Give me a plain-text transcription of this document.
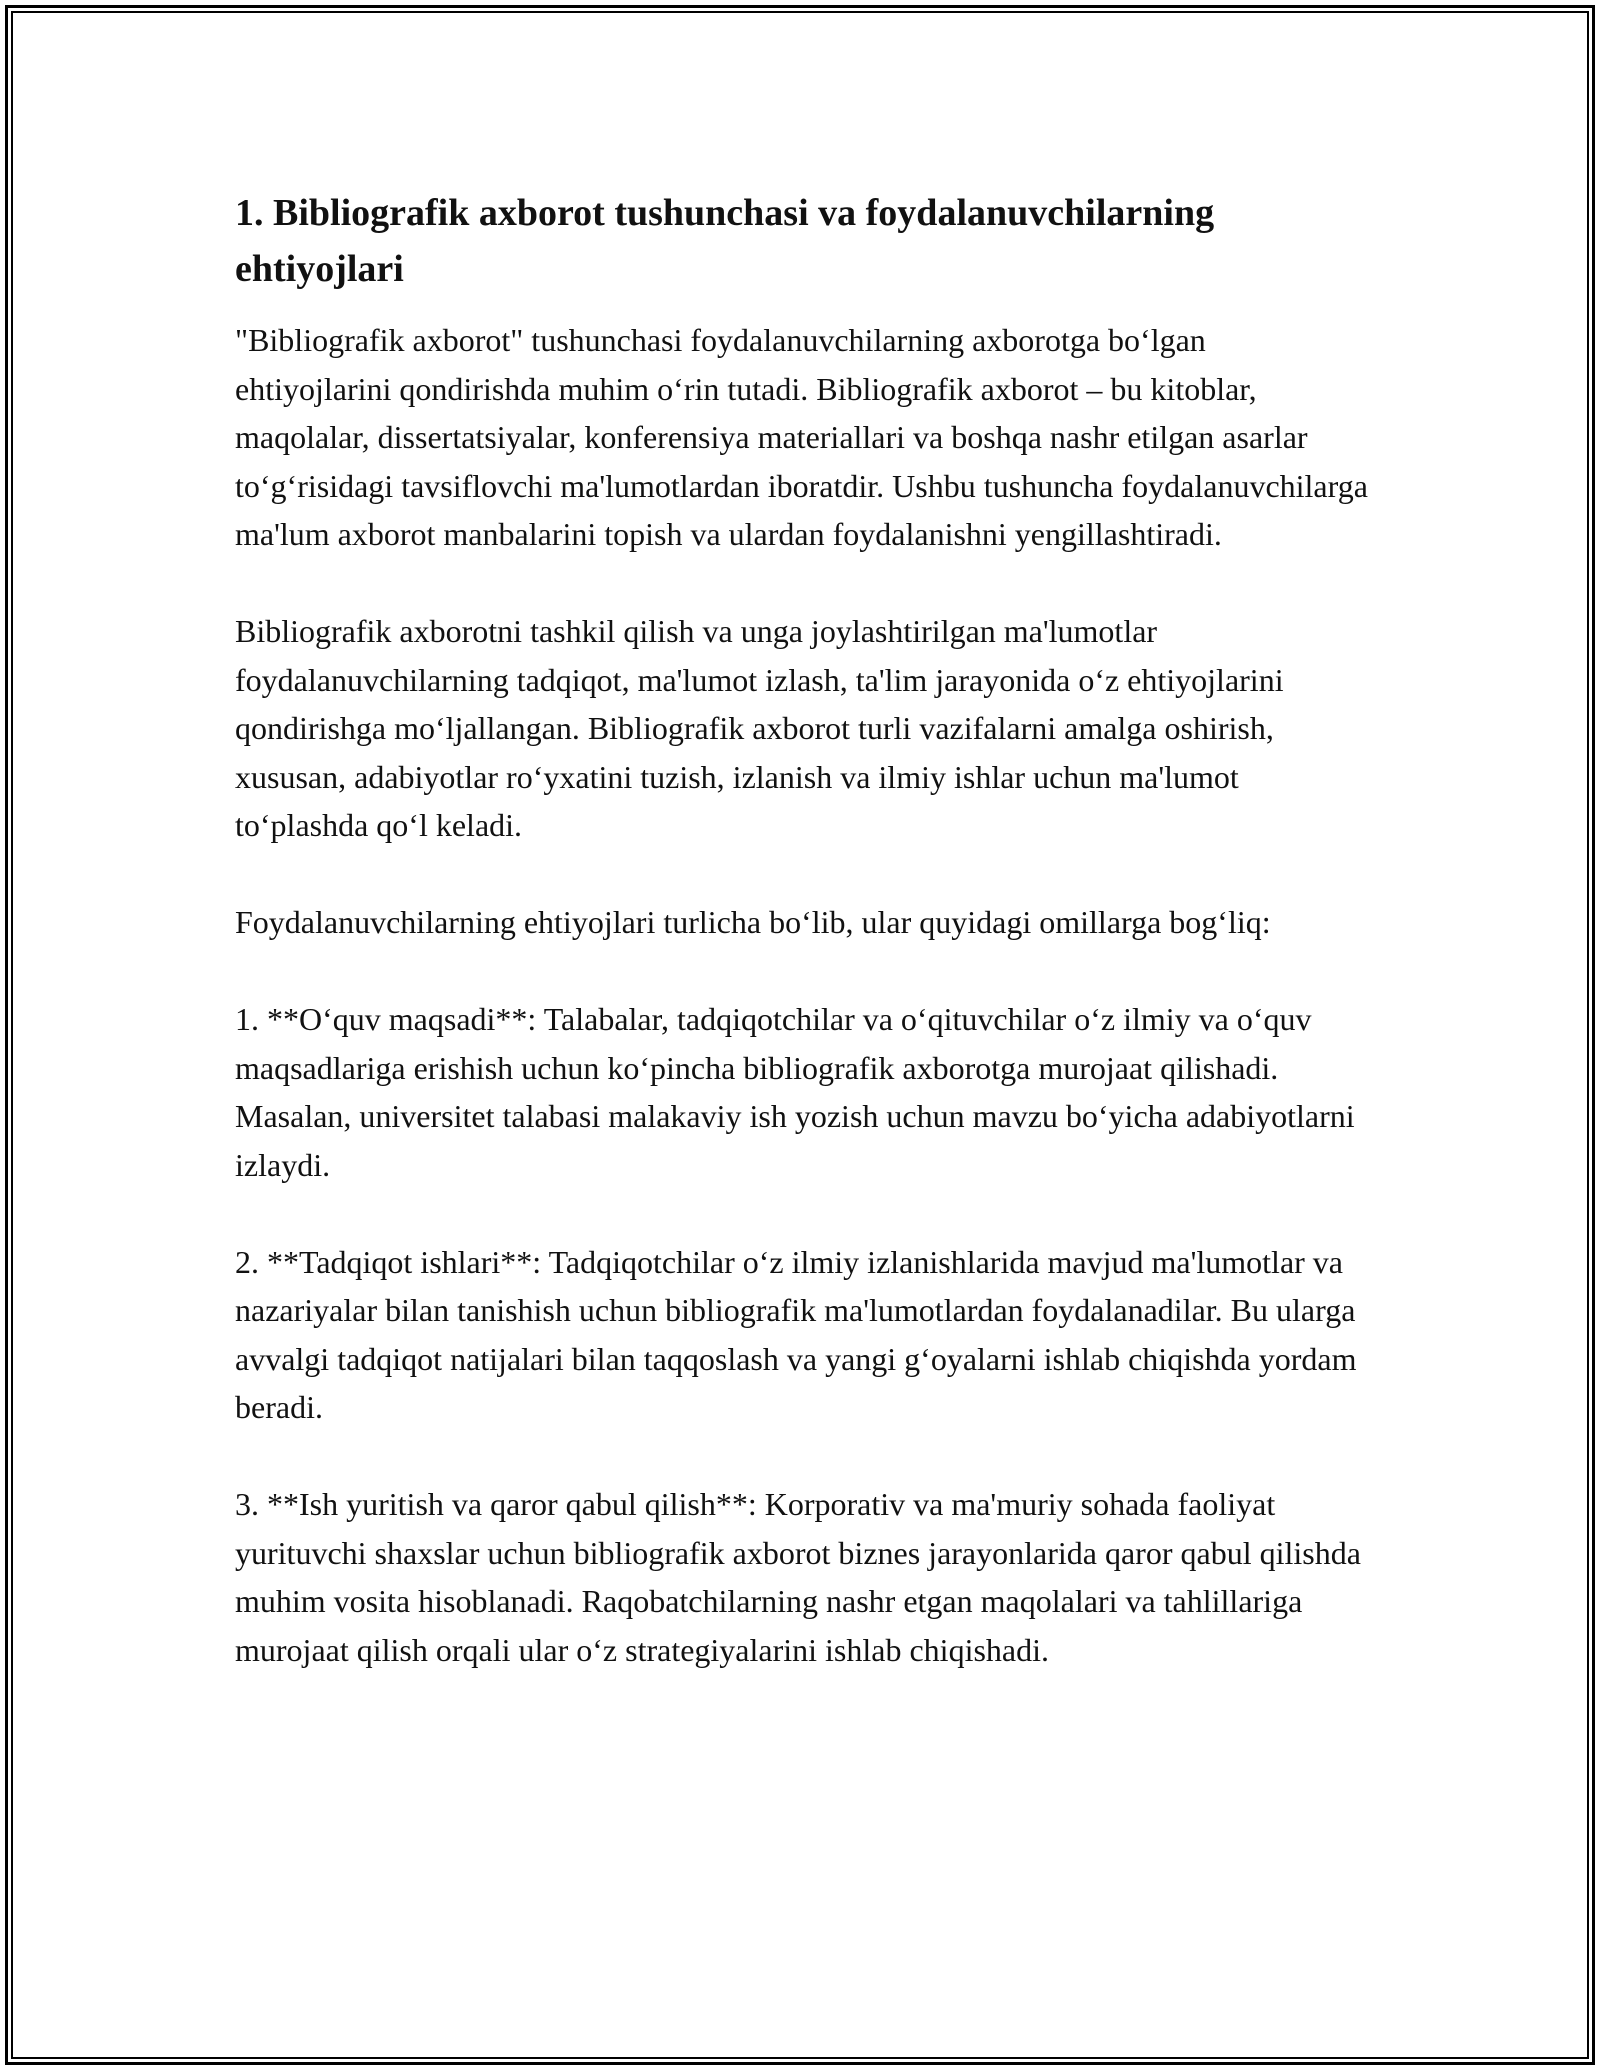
1. Bibliografik axborot tushunchasi va foydalanuvchilarning ehtiyojlari

"Bibliografik axborot" tushunchasi foydalanuvchilarning axborotga bo‘lgan ehtiyojlarini qondirishda muhim o‘rin tutadi. Bibliografik axborot – bu kitoblar, maqolalar, dissertatsiyalar, konferensiya materiallari va boshqa nashr etilgan asarlar to‘g‘risidagi tavsiflovchi ma'lumotlardan iboratdir. Ushbu tushuncha foydalanuvchilarga ma'lum axborot manbalarini topish va ulardan foydalanishni yengillashtiradi.

Bibliografik axborotni tashkil qilish va unga joylashtirilgan ma'lumotlar foydalanuvchilarning tadqiqot, ma'lumot izlash, ta'lim jarayonida o‘z ehtiyojlarini qondirishga mo‘ljallangan. Bibliografik axborot turli vazifalarni amalga oshirish, xususan, adabiyotlar ro‘yxatini tuzish, izlanish va ilmiy ishlar uchun ma'lumot to‘plashda qo‘l keladi.

Foydalanuvchilarning ehtiyojlari turlicha bo‘lib, ular quyidagi omillarga bog‘liq:

1. **O‘quv maqsadi**: Talabalar, tadqiqotchilar va o‘qituvchilar o‘z ilmiy va o‘quv maqsadlariga erishish uchun ko‘pincha bibliografik axborotga murojaat qilishadi. Masalan, universitet talabasi malakaviy ish yozish uchun mavzu bo‘yicha adabiyotlarni izlaydi.

2. **Tadqiqot ishlari**: Tadqiqotchilar o‘z ilmiy izlanishlarida mavjud ma'lumotlar va nazariyalar bilan tanishish uchun bibliografik ma'lumotlardan foydalanadilar. Bu ularga avvalgi tadqiqot natijalari bilan taqqoslash va yangi g‘oyalarni ishlab chiqishda yordam beradi.

3. **Ish yuritish va qaror qabul qilish**: Korporativ va ma'muriy sohada faoliyat yurituvchi shaxslar uchun bibliografik axborot biznes jarayonlarida qaror qabul qilishda muhim vosita hisoblanadi. Raqobatchilarning nashr etgan maqolalari va tahlillariga murojaat qilish orqali ular o‘z strategiyalarini ishlab chiqishadi.
